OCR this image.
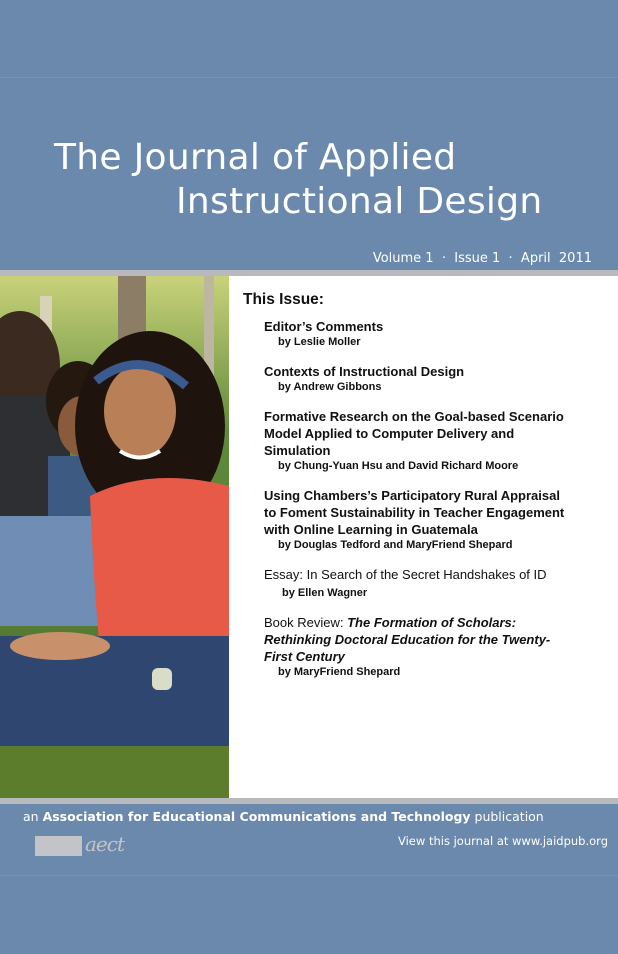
The Journal of Applied
Instructional Design
Volume 1  ·  Issue 1  ·  April  2011
This Issue:
Editor’s Comments
by Leslie Moller
Contexts of Instructional Design
by Andrew Gibbons
Formative Research on the Goal-based Scenario Model Applied to Computer Delivery and Simulation
by Chung-Yuan Hsu and David Richard Moore
Using Chambers’s Participatory Rural Appraisal to Foment Sustainability in Teacher Engagement with Online Learning in Guatemala
by Douglas Tedford and MaryFriend Shepard
Essay: In Search of the Secret Handshakes of ID
by Ellen Wagner
Book Review: The Formation of Scholars: Rethinking Doctoral Education for the Twenty-First Century
by MaryFriend Shepard
an Association for Educational Communications and Technology publication
aect	View this journal at www.jaidpub.org
